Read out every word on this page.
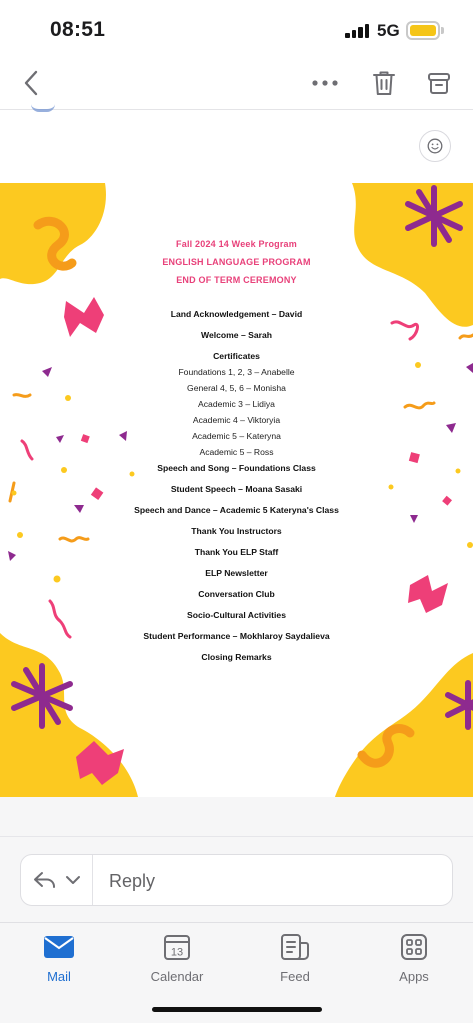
08:51	5G
Fall 2024 14 Week Program
ENGLISH LANGUAGE PROGRAM
END OF TERM CEREMONY
Land Acknowledgement – David
Welcome – Sarah
Certificates
Foundations 1, 2, 3 – Anabelle
General 4, 5, 6 – Monisha
Academic 3 – Lidiya
Academic 4 – Viktoryia
Academic 5 – Kateryna
Academic 5 – Ross
Speech and Song – Foundations Class
Student Speech – Moana Sasaki
Speech and Dance – Academic 5 Kateryna's Class
Thank You Instructors
Thank You ELP Staff
ELP Newsletter
Conversation Club
Socio-Cultural Activities
Student Performance – Mokhlaroy Saydalieva
Closing Remarks
Reply
Mail
13
Calendar	Feed	Apps
